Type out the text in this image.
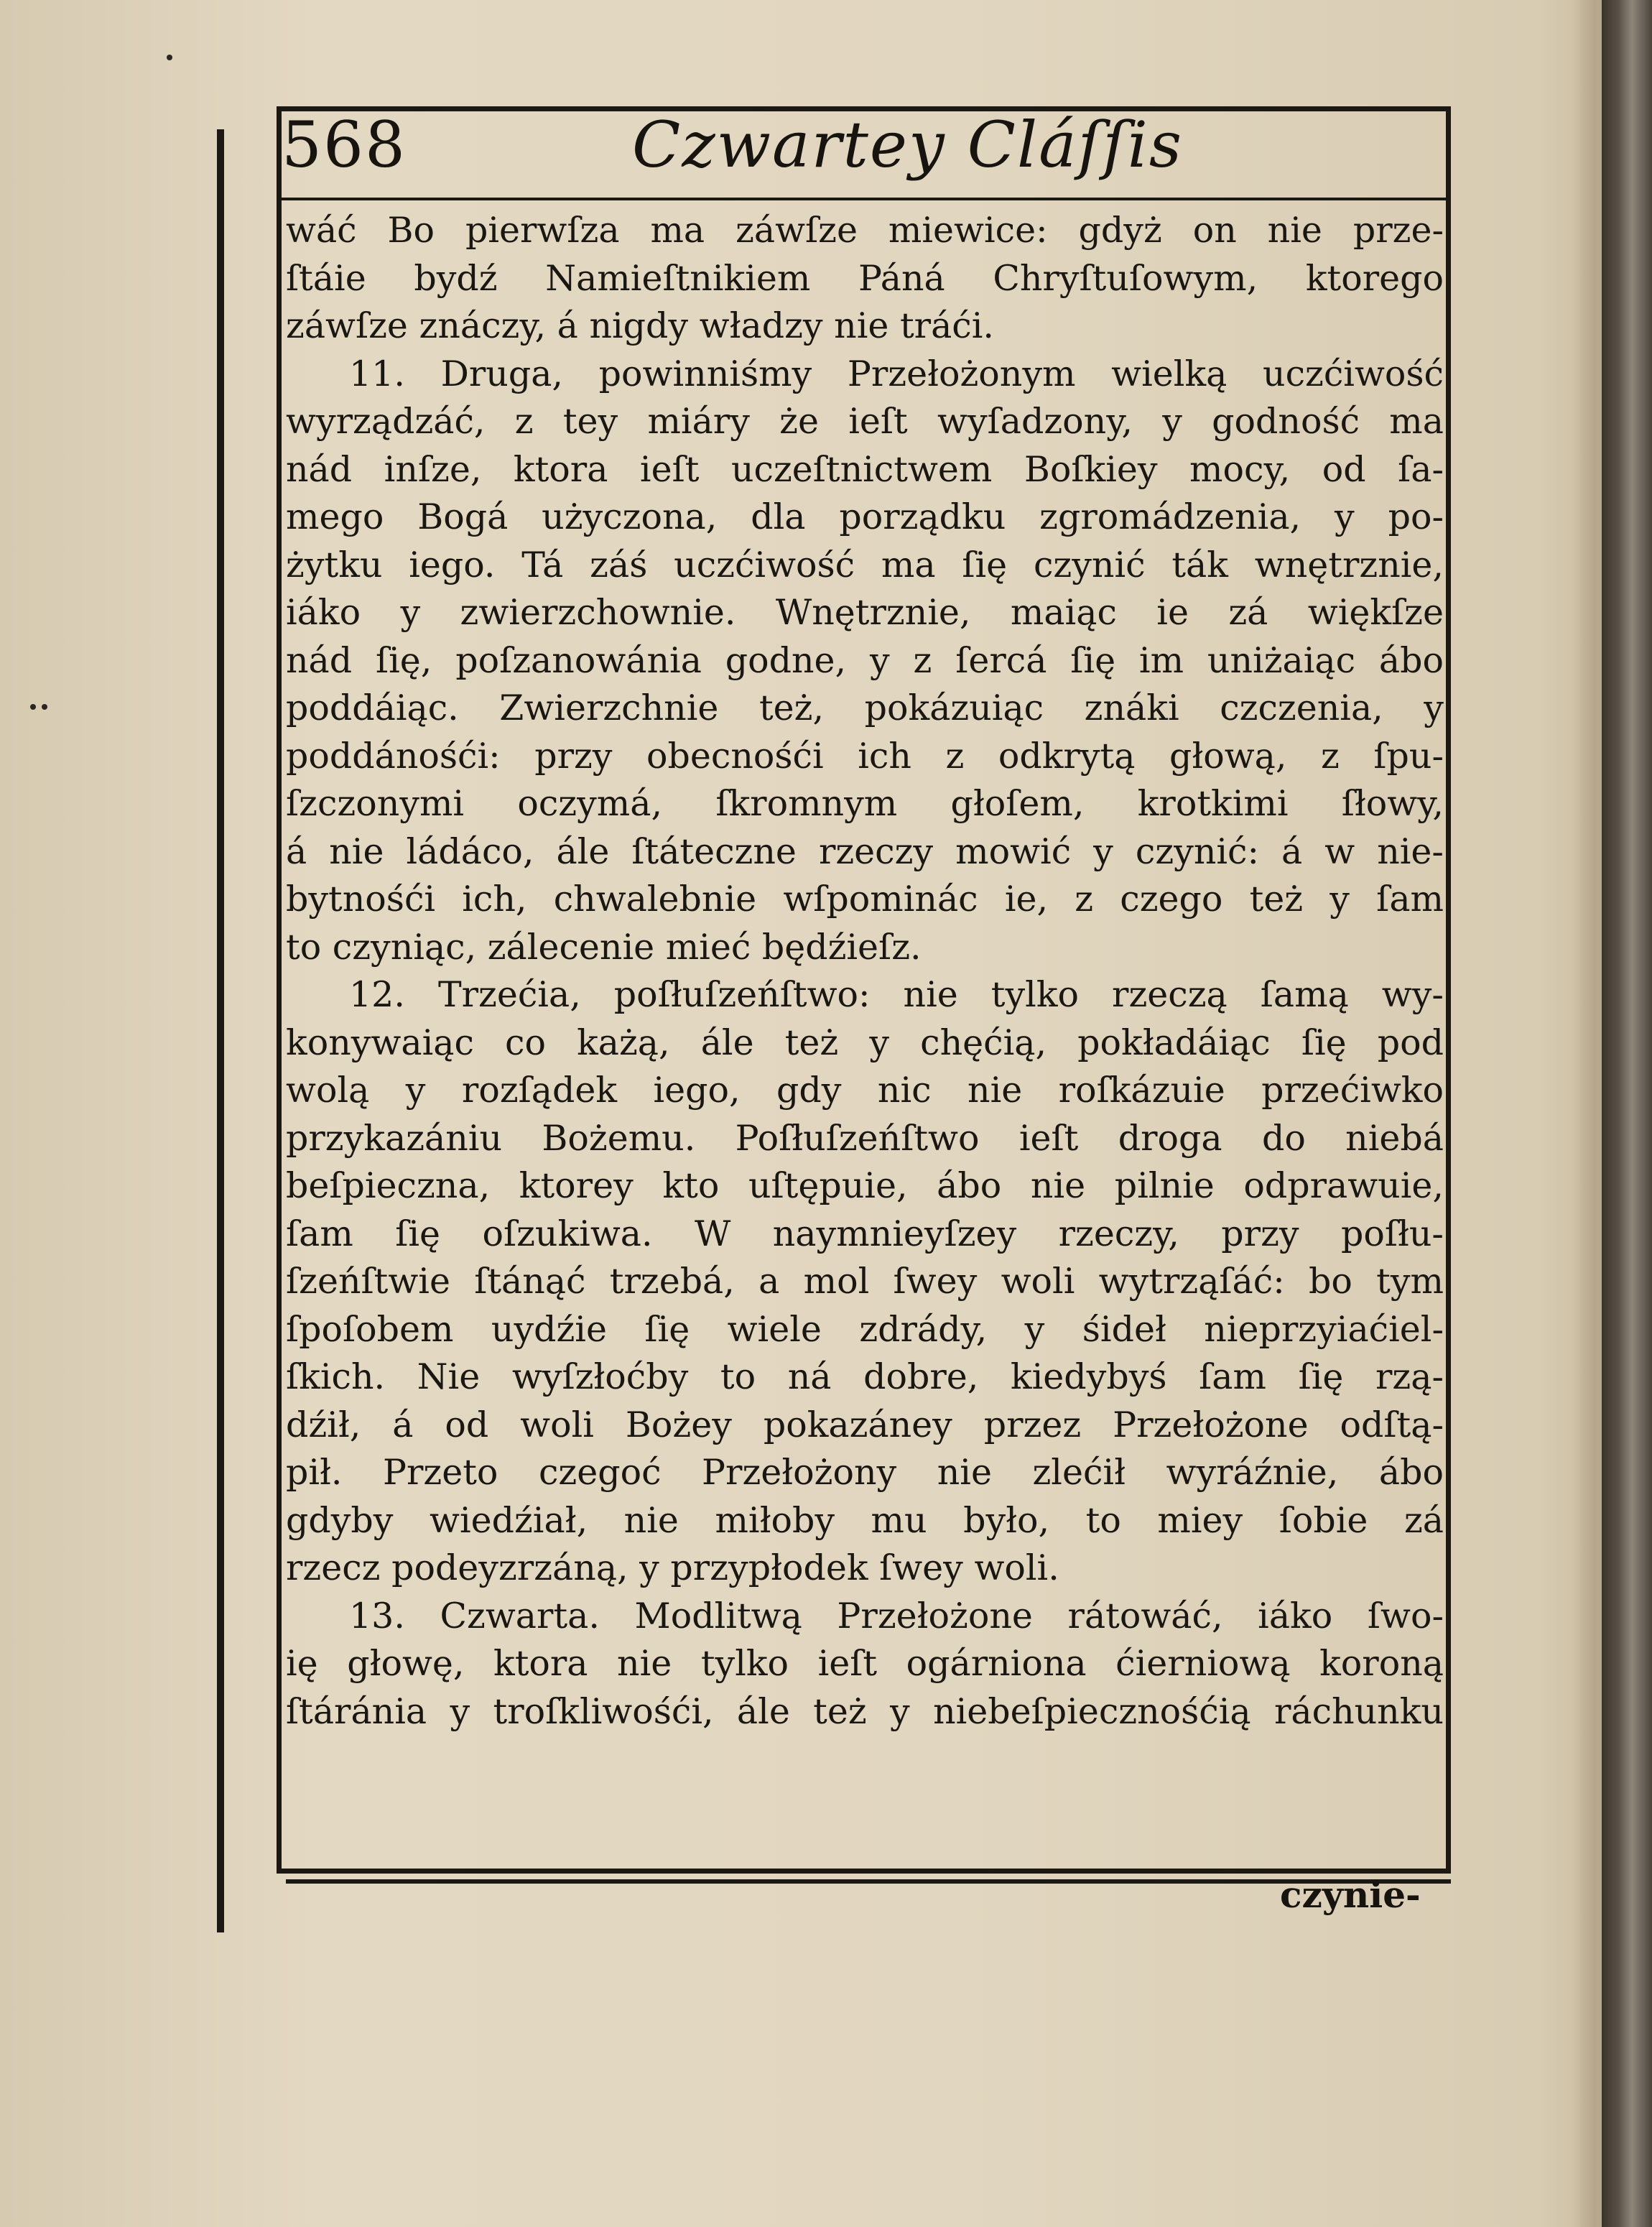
568	Czwartey Cláſſis
wáć Bo pierwſza ma záwſze miewice: gdyż on nie prze-
ſtáie bydź Namieſtnikiem Páná Chryſtuſowym, ktorego
záwſze znáczy, á nigdy władzy nie tráći.
11. Druga, powinniśmy Przełożonym wielką uczćiwość
wyrządzáć, z tey miáry że ieſt wyſadzony, y godność ma
nád inſze, ktora ieſt uczeſtnictwem Boſkiey mocy, od ſa-
mego Bogá użyczona, dla porządku zgromádzenia, y po-
żytku iego. Tá záś uczćiwość ma ſię czynić ták wnętrznie,
iáko y zwierzchownie. Wnętrznie, maiąc ie zá więkſze
nád ſię, poſzanowánia godne, y z ſercá ſię im uniżaiąc ábo
poddáiąc. Zwierzchnie też, pokázuiąc znáki czczenia, y
poddánośći: przy obecnośći ich z odkrytą głową, z ſpu-
ſzczonymi oczymá, ſkromnym głoſem, krotkimi ſłowy,
á nie ládáco, ále ſtáteczne rzeczy mowić y czynić: á w nie-
bytnośći ich, chwalebnie wſpominác ie, z czego też y ſam
to czyniąc, zálecenie mieć będźieſz.
12. Trzećia, poſłuſzeńſtwo: nie tylko rzeczą ſamą wy-
konywaiąc co każą, ále też y chęćią, pokładáiąc ſię pod
wolą y rozſądek iego, gdy nic nie roſkázuie przećiwko
przykazániu Bożemu. Poſłuſzeńſtwo ieſt droga do niebá
beſpieczna, ktorey kto uſtępuie, ábo nie pilnie odprawuie,
ſam ſię oſzukiwa. W naymnieyſzey rzeczy, przy poſłu-
ſzeńſtwie ſtánąć trzebá, a mol ſwey woli wytrząſáć: bo tym
ſpoſobem uydźie ſię wiele zdrády, y śideł nieprzyiaćiel-
ſkich. Nie wyſzłoćby to ná dobre, kiedybyś ſam ſię rzą-
dźił, á od woli Bożey pokazáney przez Przełożone odſtą-
pił. Przeto czegoć Przełożony nie zlećił wyráźnie, ábo
gdyby wiedźiał, nie miłoby mu było, to miey ſobie zá
rzecz podeyzrzáną, y przypłodek ſwey woli.
13. Czwarta. Modlitwą Przełożone rátowáć, iáko ſwo-
ię głowę, ktora nie tylko ieſt ogárniona ćierniową koroną
ſtáránia y troſkliwośći, ále też y niebeſpiecznośćią ráchunku
czynie-
